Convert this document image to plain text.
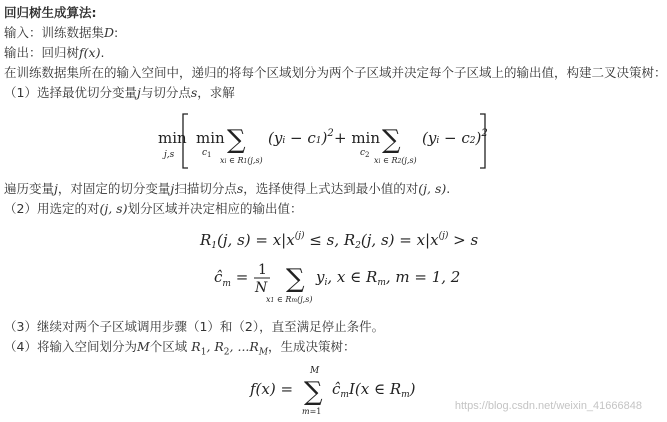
回归树生成算法:
输入：训练数据集D:
输出：回归树f(x).
在训练数据集所在的输入空间中，递归的将每个区域划分为两个子区域并决定每个子区域上的输出值，构建二叉决策树：
（1）选择最优切分变量j与切分点s，求解
min
j,s
min
c 1 ∑
xi ∈ R1(j,s)
(yi − c1)$^2$ + min
c 2 ∑
xi ∈ R2(j,s)
(yi − c2)$^2$
遍历变量j，对固定的切分变量j扫描切分点s，选择使得上式达到最小值的对(j, s).
（2）用选定的对(j, s)划分区域并决定相应的输出值：
$R_1(j$, $s) = x|x^{(j)} \le s$, $R_2(j$, $s) = x|x^{(j)} > s$
$ĉ_m = 1$
N ∑
x1 ∈ Rm(j,s)
$y_i$, x ∈ $R_m$, m = 1, 2
（3）继续对两个子区域调用步骤（1）和（2），直至满足停止条件。
（4）将输入空间划分为M个区域 $R_1$, $R_2$, $...R_M$，生成决策树：
f(x) =
M
∑
m=1
$ĉ_mI(x$ ∈ $R_m$)
https://blog.csdn.net/weixin_41666848
